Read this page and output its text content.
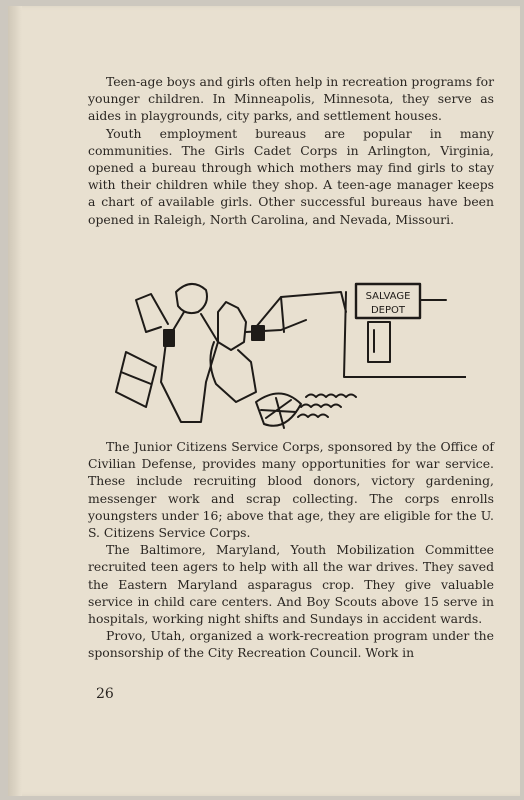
Teen-age boys and girls often help in recreation programs for younger children. In Minneapolis, Minnesota, they serve as aides in playgrounds, city parks, and settlement houses.

Youth employment bureaus are popular in many communities. The Girls Cadet Corps in Arlington, Virginia, opened a bureau through which mothers may find girls to stay with their children while they shop. A teen-age manager keeps a chart of available girls. Other successful bureaus have been opened in Raleigh, North Carolina, and Nevada, Missouri.

SALVAGE
DEPOT

The Junior Citizens Service Corps, sponsored by the Office of Civilian Defense, provides many opportunities for war service. These include recruiting blood donors, victory gardening, messenger work and scrap collecting. The corps enrolls youngsters under 16; above that age, they are eligible for the U. S. Citizens Service Corps.

The Baltimore, Maryland, Youth Mobilization Committee recruited teen agers to help with all the war drives. They saved the Eastern Maryland asparagus crop. They give valuable service in child care centers. And Boy Scouts above 15 serve in hospitals, working night shifts and Sundays in accident wards.

Provo, Utah, organized a work-recreation program under the sponsorship of the City Recreation Council. Work in

26
